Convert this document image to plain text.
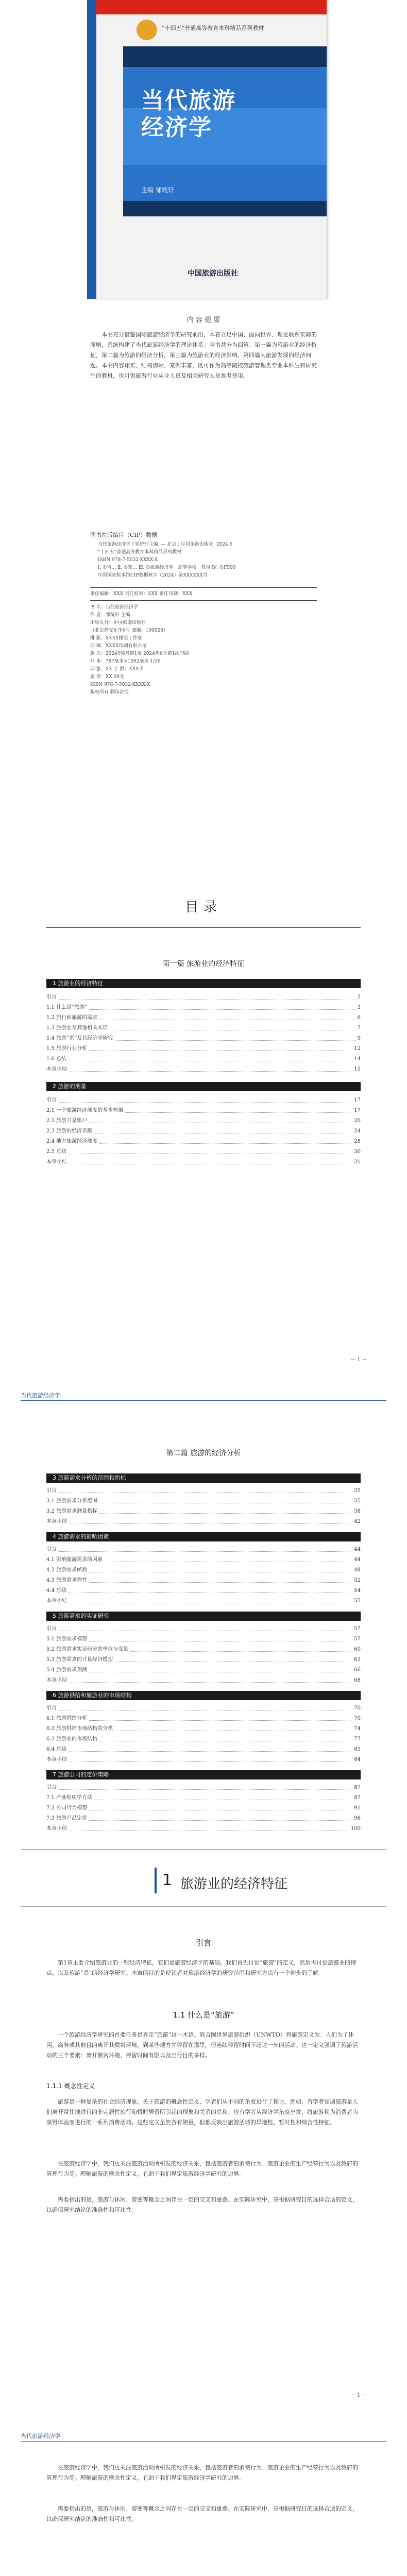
“十四五”普通高等教育本科精品系列教材
当代旅游
经济学
主编 邹统钎
中国旅游出版社
内 容 提 要
本书充分借鉴国际旅游经济学的研究前沿，本着立足中国、面向世界、理论联系实际的原则，系统构建了当代旅游经济学的理论体系。全书共分为四篇：第一篇为旅游业的经济特征，第二篇为旅游的经济分析，第三篇为旅游业的经济影响，第四篇为旅游发展的经济问题。本书内容翔实、结构清晰、案例丰富，既可作为高等院校旅游管理类专业本科生和研究生的教材，也可供旅游行业从业人员及相关研究人员参考使用。
图书在版编目（CIP）数据
当代旅游经济学 / 邹统钎主编. — 北京 : 中国旅游出版社, 2024.6
“十四五”普通高等教育本科精品系列教材
ISBN 978-7-5032-XXXX-X
Ⅰ. ①当… Ⅱ. ①邹… Ⅲ. ①旅游经济学－高等学校－教材 Ⅳ. ①F590
中国国家版本馆CIP数据核字（2024）第XXXXXX号
责任编辑：XXX 责任校对：XXX 责任印制：XXX
书 名：当代旅游经济学
作 者：邹统钎 主编
出版发行：中国旅游出版社
（北京静安东里6号 邮编：100028）
排 版：XXXX排版工作室
印 刷：XXXX印刷有限公司
版 次：2024年6月第1版 2024年6月第1次印刷
开 本：787毫米×1092毫米 1/16
印 张：XX 字 数：XXX千
定 价：XX.00元
ISBN 978-7-5032-XXXX-X
版权所有 翻印必究
目录
第一篇 旅游业的经济特征
1 旅游业的经济特征
引言	3
1.1 什么是“旅游”	3
1.2 旅行和旅游的需求	6
1.3 旅游业及其他相关术语	7
1.4 旅游“系”及其经济学研究	9
1.5 旅游行业分析	12
1.6 总结	14
本章小结	15
2 旅游的测量
引言	17
2.1 一个旅游经济测度的基本框架	17
2.2 旅游卫星账户	20
2.3 旅游的经济贡献	24
2.4 地方旅游经济测度	28
2.5 总结	30
本章小结	31
－ 1 －
当代旅游经济学
第二篇 旅游的经济分析
3 旅游需求分析的范围和指标
引言	35
3.1 旅游需求分析范围	35
3.2 旅游需求测量指标	38
本章小结	42
4 旅游需求的影响因素
引言	44
4.1 影响旅游需求的因素	44
4.2 旅游需求函数	48
4.3 旅游需求弹性	52
4.4 总结	54
本章小结	55
5 旅游需求的实证研究
引言	57
5.1 旅游需求模型	57
5.2 旅游需求实证研究的单位与变量	60
5.3 旅游需求的计量经济模型	63
5.4 旅游需求预测	66
本章小结	68
6 旅游供给和旅游业的市场结构
引言	70
6.1 旅游供给分析	70
6.2 旅游供给市场结构的分类	74
6.3 旅游业的市场结构	77
6.4 总结	83
本章小结	84
7 旅游公司的定价策略
引言	87
7.1 产业组织学方法	87
7.2 公司行为模型	91
7.3 旅游产品定价	96
本章小结	100
1 旅游业的经济特征
引言
第1章主要介绍旅游业的一些经济特征，它们是旅游经济学的基础。我们首先讨论“旅游”的定义，然后再讨论旅游业的特点，以及旅游“系”的经济学研究。本章的目的是使读者对旅游经济学的研究范围和研究方法有一个初步的了解。
1.1 什么是“旅游”
一个旅游经济学研究的首要任务是界定“旅游”这一术语。联合国世界旅游组织（UNWTO）将旅游定义为：人们为了休闲、商务或其他目的离开其惯常环境，到某些地方并停留在那里，但连续停留时间不超过一年的活动。这一定义强调了旅游活动的三个要素：离开惯常环境、停留时间有限以及出行目的多样。
1.1.1 概念性定义
旅游是一种复杂的社会经济现象。关于旅游的概念性定义，学者们从不同的角度进行了探讨。例如，有学者强调旅游是人们离开常住地进行的非定居性旅行和暂时居留所引起的现象和关系的总和；也有学者从经济学角度出发，将旅游视为消费者为获得体验而进行的一系列消费活动。这些定义虽然各有侧重，但都反映出旅游活动的异地性、暂时性和综合性特征。
在旅游经济学中，我们更关注旅游活动所引发的经济关系，包括旅游者的消费行为、旅游企业的生产经营行为以及政府的管理行为等。理解旅游的概念性定义，有助于我们界定旅游经济学研究的边界。
需要指出的是，旅游与休闲、游憩等概念之间存在一定的交叉和重叠。在实际研究中，应根据研究目的选择合适的定义，以确保研究结论的准确性和可比性。
－ 1 －
当代旅游经济学
在旅游经济学中，我们更关注旅游活动所引发的经济关系，包括旅游者的消费行为、旅游企业的生产经营行为以及政府的管理行为等。理解旅游的概念性定义，有助于我们界定旅游经济学研究的边界。
需要指出的是，旅游与休闲、游憩等概念之间存在一定的交叉和重叠。在实际研究中，应根据研究目的选择合适的定义，以确保研究结论的准确性和可比性。
